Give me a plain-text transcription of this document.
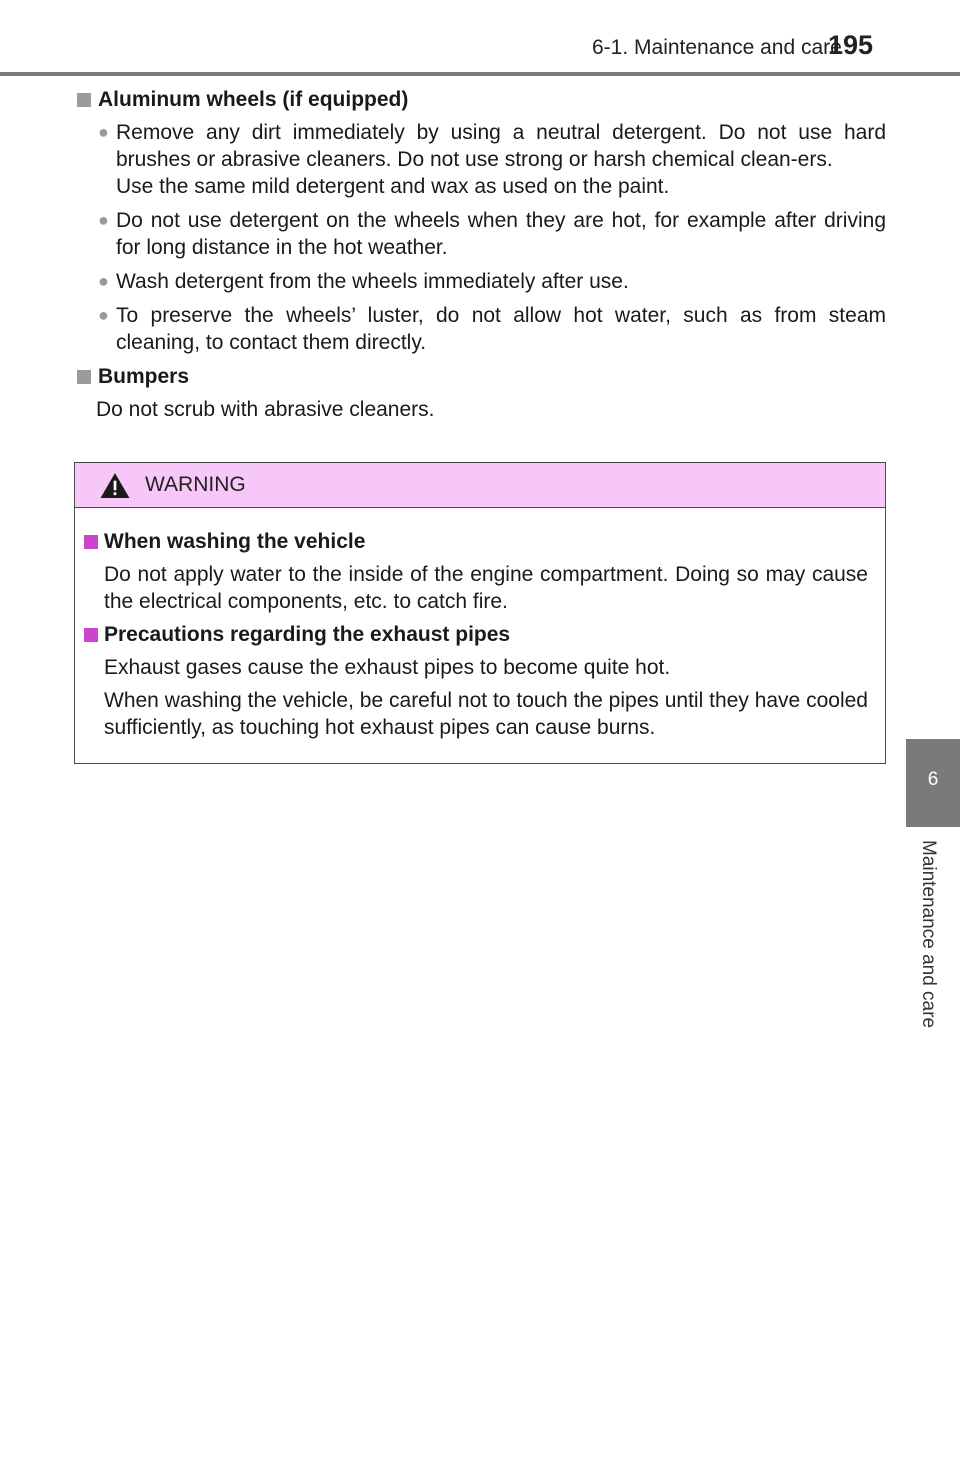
6-1. Maintenance and care
195
6
Maintenance and care
Aluminum wheels (if equipped)
● Remove any dirt immediately by using a neutral detergent. Do not use hard brushes or abrasive cleaners. Do not use strong or harsh chemical clean-ers.
Use the same mild detergent and wax as used on the paint.
● Do not use detergent on the wheels when they are hot, for example after driving for long distance in the hot weather.
● Wash detergent from the wheels immediately after use.
● To preserve the wheels’ luster, do not allow hot water, such as from steam cleaning, to contact them directly.
Bumpers
Do not scrub with abrasive cleaners.
WARNING
When washing the vehicle
Do not apply water to the inside of the engine compartment. Doing so may cause the electrical components, etc. to catch fire.
Precautions regarding the exhaust pipes
Exhaust gases cause the exhaust pipes to become quite hot.
When washing the vehicle, be careful not to touch the pipes until they have cooled sufficiently, as touching hot exhaust pipes can cause burns.
